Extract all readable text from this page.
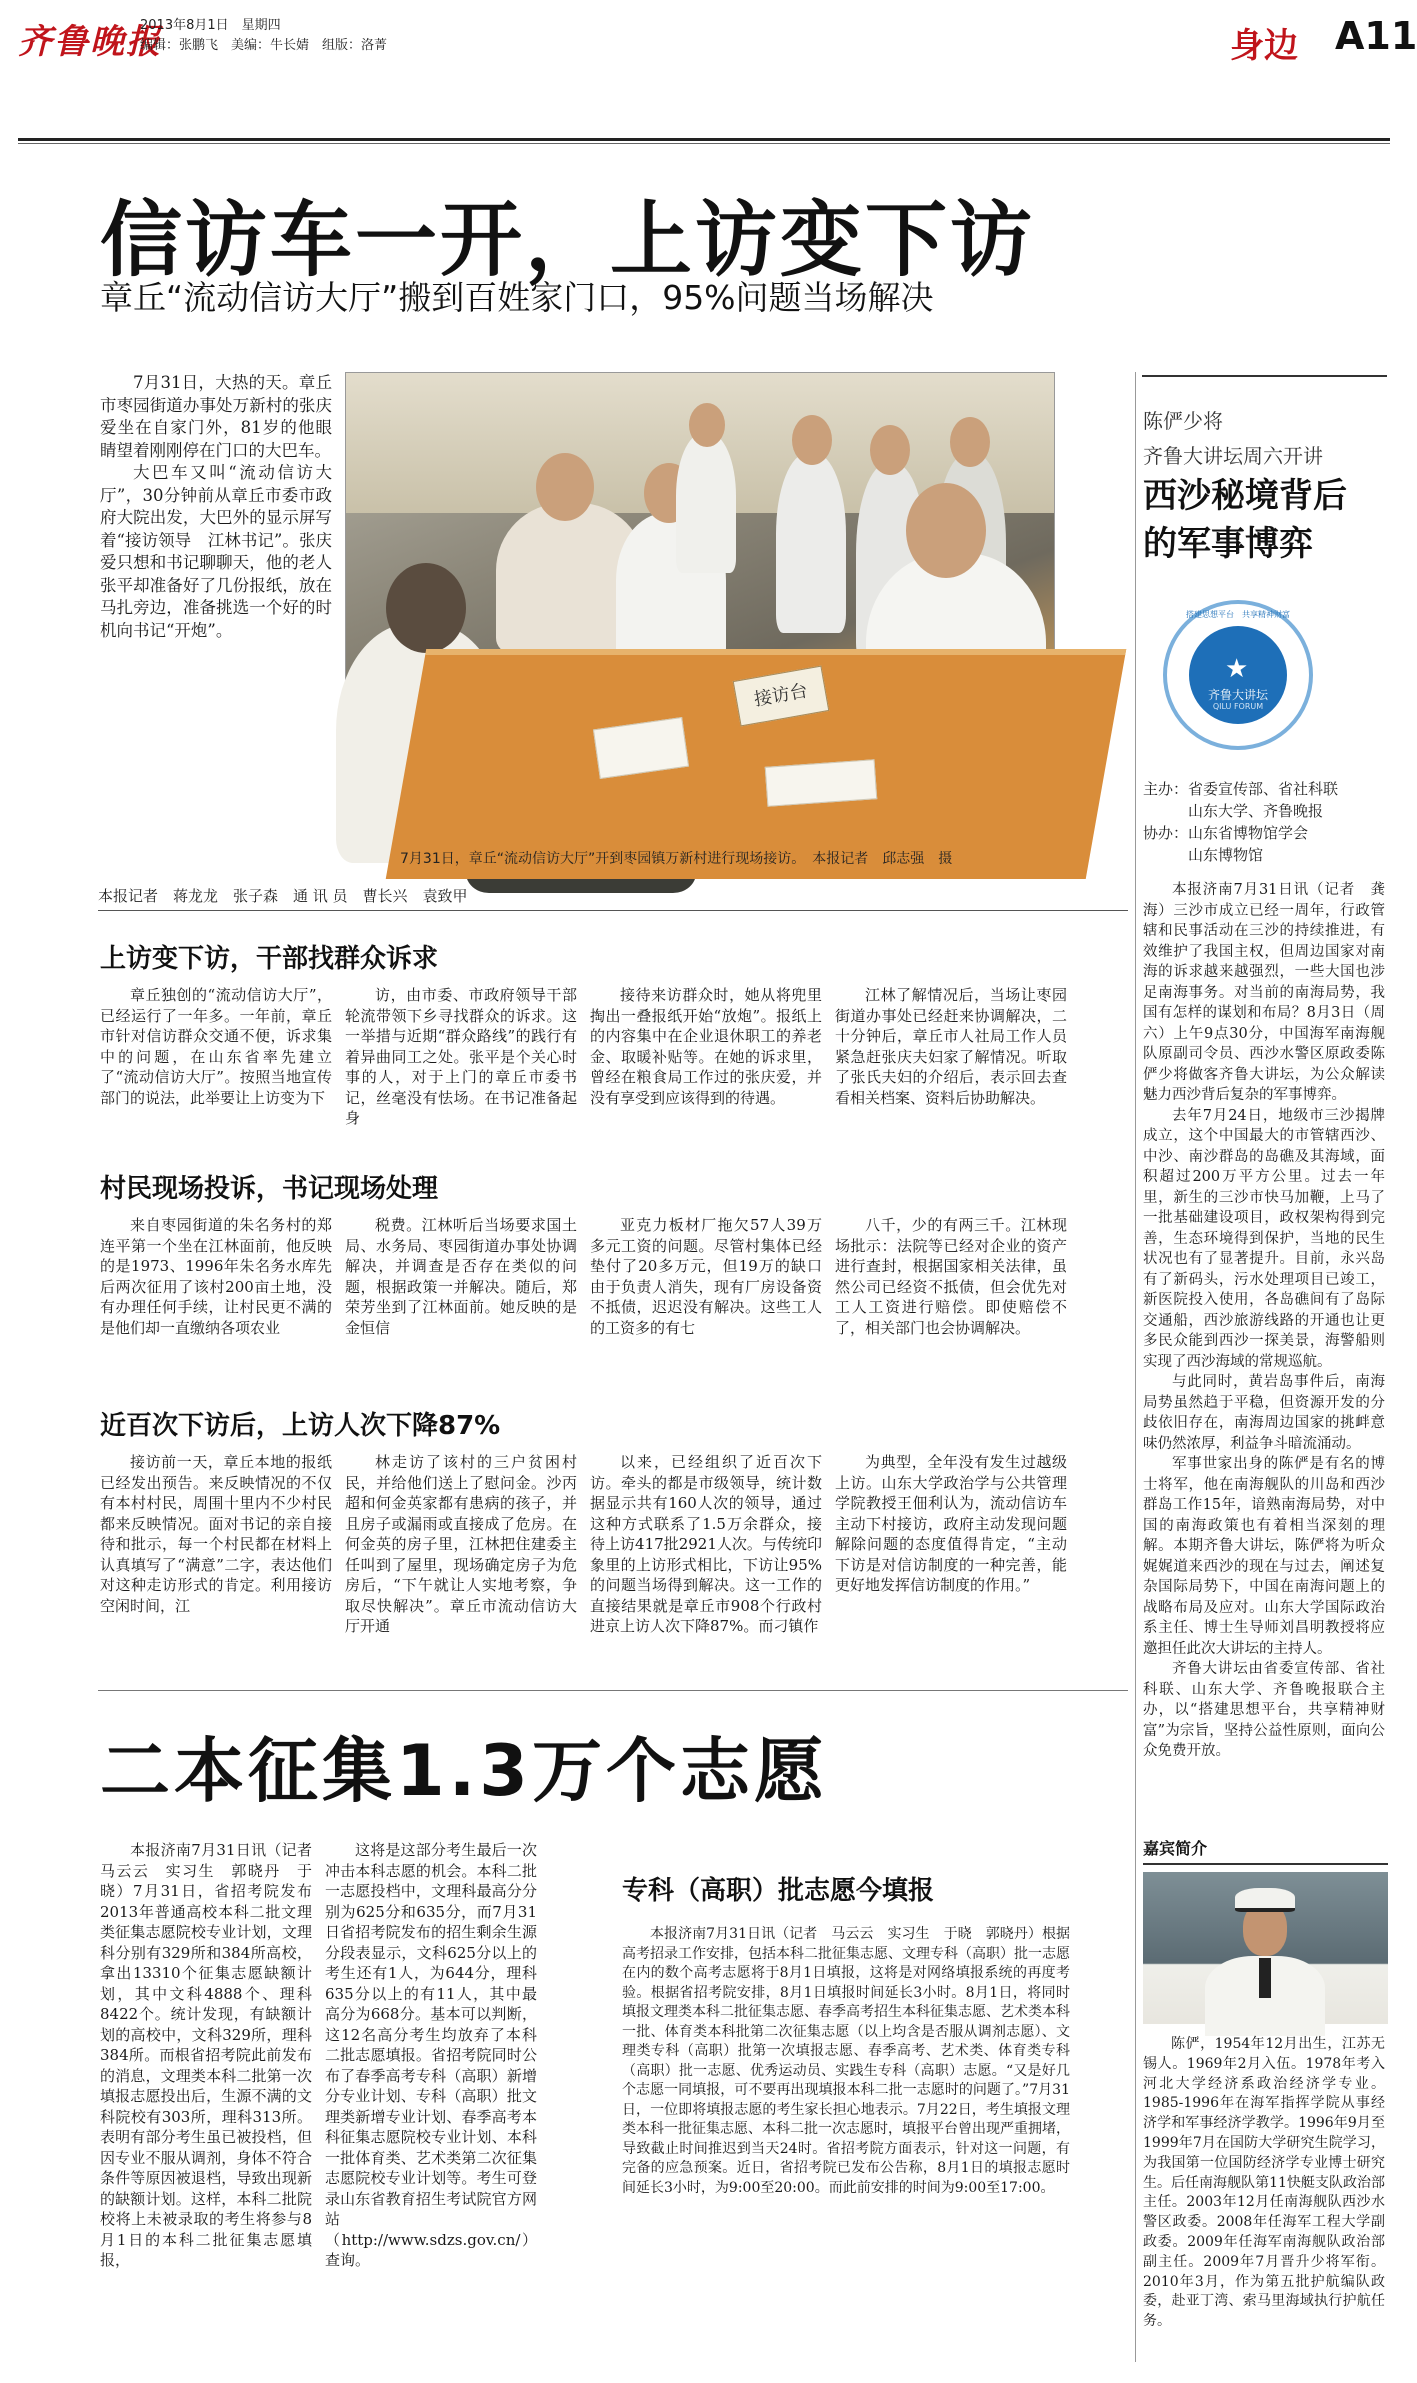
齐鲁晚报
2013年8月1日　星期四
编辑：张鹏飞　美编：牛长婧　组版：洛菁	身边 A11
信访车一开，上访变下访
章丘“流动信访大厅”搬到百姓家门口，95%问题当场解决

7月31日，大热的天。章丘市枣园街道办事处万新村的张庆爱坐在自家门外，81岁的他眼睛望着刚刚停在门口的大巴车。

大巴车又叫“流动信访大厅”，30分钟前从章丘市委市政府大院出发，大巴外的显示屏写着“接访领导　江林书记”。张庆爱只想和书记聊聊天，他的老人张平却准备好了几份报纸，放在马扎旁边，准备挑选一个好的时机向书记“开炮”。

接访台
7月31日，章丘“流动信访大厅”开到枣园镇万新村进行现场接访。　本报记者　邱志强　摄
本报记者　蒋龙龙　张子森　通 讯 员　曹长兴　袁致甲
上访变下访，干部找群众诉求

章丘独创的“流动信访大厅”，已经运行了一年多。一年前，章丘市针对信访群众交通不便，诉求集中的问题，在山东省率先建立了“流动信访大厅”。按照当地宣传部门的说法，此举要让上访变为下

访，由市委、市政府领导干部轮流带领下乡寻找群众的诉求。这一举措与近期“群众路线”的践行有着异曲同工之处。张平是个关心时事的人，对于上门的章丘市委书记，丝毫没有怯场。在书记准备起身

接待来访群众时，她从将兜里掏出一叠报纸开始“放炮”。报纸上的内容集中在企业退休职工的养老金、取暖补贴等。在她的诉求里，曾经在粮食局工作过的张庆爱，并没有享受到应该得到的待遇。

江林了解情况后，当场让枣园街道办事处已经赶来协调解决，二十分钟后，章丘市人社局工作人员紧急赶张庆夫妇家了解情况。听取了张氏夫妇的介绍后，表示回去查看相关档案、资料后协助解决。

村民现场投诉，书记现场处理

来自枣园街道的朱名务村的郑连平第一个坐在江林面前，他反映的是1973、1996年朱名务水库先后两次征用了该村200亩土地，没有办理任何手续，让村民更不满的是他们却一直缴纳各项农业

税费。江林听后当场要求国土局、水务局、枣园街道办事处协调解决，并调查是否存在类似的问题，根据政策一并解决。随后，郑荣芳坐到了江林面前。她反映的是金恒信

亚克力板材厂拖欠57人39万多元工资的问题。尽管村集体已经垫付了20多万元，但19万的缺口由于负责人消失，现有厂房设备资不抵债，迟迟没有解决。这些工人的工资多的有七

八千，少的有两三千。江林现场批示：法院等已经对企业的资产进行查封，根据国家相关法律，虽然公司已经资不抵债，但会优先对工人工资进行赔偿。即使赔偿不了，相关部门也会协调解决。

近百次下访后，上访人次下降87%

接访前一天，章丘本地的报纸已经发出预告。来反映情况的不仅有本村村民，周围十里内不少村民都来反映情况。面对书记的亲自接待和批示，每一个村民都在材料上认真填写了“满意”二字，表达他们对这种走访形式的肯定。利用接访空闲时间，江

林走访了该村的三户贫困村民，并给他们送上了慰问金。沙丙超和何金英家都有患病的孩子，并且房子或漏雨或直接成了危房。在何金英的房子里，江林把住建委主任叫到了屋里，现场确定房子为危房后，“下午就让人实地考察，争取尽快解决”。章丘市流动信访大厅开通

以来，已经组织了近百次下访。牵头的都是市级领导，统计数据显示共有160人次的领导，通过这种方式联系了1.5万余群众，接待上访417批2921人次。与传统印象里的上访形式相比，下访让95%的问题当场得到解决。这一工作的直接结果就是章丘市908个行政村进京上访人次下降87%。而刁镇作

为典型，全年没有发生过越级上访。山东大学政治学与公共管理学院教授王佃利认为，流动信访车主动下村接访，政府主动发现问题解除问题的态度值得肯定，“主动下访是对信访制度的一种完善，能更好地发挥信访制度的作用。”

二本征集1.3万个志愿

本报济南7月31日讯（记者　马云云　实习生　郭晓丹　于晓）7月31日，省招考院发布2013年普通高校本科二批文理类征集志愿院校专业计划，文理科分别有329所和384所高校，拿出13310个征集志愿缺额计划，其中文科4888个、理科8422个。统计发现，有缺额计划的高校中，文科329所，理科384所。而根省招考院此前发布的消息，文理类本科二批第一次填报志愿投出后，生源不满的文科院校有303所，理科313所。表明有部分考生虽已被投档，但因专业不服从调剂，身体不符合条件等原因被退档，导致出现新的缺额计划。这样，本科二批院校将上未被录取的考生将参与8月1日的本科二批征集志愿填报，

这将是这部分考生最后一次冲击本科志愿的机会。本科二批一志愿投档中，文理科最高分分别为625分和635分，而7月31日省招考院发布的招生剩余生源分段表显示，文科625分以上的考生还有1人，为644分，理科635分以上的有11人，其中最高分为668分。基本可以判断，这12名高分考生均放弃了本科二批志愿填报。省招考院同时公布了春季高考专科（高职）新增分专业计划、专科（高职）批文理类新增专业计划、春季高考本科征集志愿院校专业计划、本科一批体育类、艺术类第二次征集志愿院校专业计划等。考生可登录山东省教育招生考试院官方网站（http://www.sdzs.gov.cn/）查询。

专科（高职）批志愿今填报

本报济南7月31日讯（记者　马云云　实习生　于晓　郭晓丹）根据高考招录工作安排，包括本科二批征集志愿、文理专科（高职）批一志愿在内的数个高考志愿将于8月1日填报，这将是对网络填报系统的再度考验。根据省招考院安排，8月1日填报时间延长3小时。8月1日，将同时填报文理类本科二批征集志愿、春季高考招生本科征集志愿、艺术类本科一批、体育类本科批第二次征集志愿（以上均含是否服从调剂志愿）、文理类专科（高职）批第一次填报志愿、春季高考、艺术类、体育类专科（高职）批一志愿、优秀运动员、实践生专科（高职）志愿。“又是好几个志愿一同填报，可不要再出现填报本科二批一志愿时的问题了。”7月31日，一位即将填报志愿的考生家长担心地表示。7月22日，考生填报文理类本科一批征集志愿、本科二批一次志愿时，填报平台曾出现严重拥堵，导致截止时间推迟到当天24时。省招考院方面表示，针对这一问题，有完备的应急预案。近日，省招考院已发布公告称，8月1日的填报志愿时间延长3小时，为9:00至20:00。而此前安排的时间为9:00至17:00。

陈俨少将
齐鲁大讲坛周六开讲
西沙秘境背后
的军事博弈
搭建思想平台　共享精神财富
★
齐鲁大讲坛
QILU FORUM
主办：省委宣传部、省社科联
　　　山东大学、齐鲁晚报
协办：山东省博物馆学会
　　　山东博物馆

本报济南7月31日讯（记者　龚海）三沙市成立已经一周年，行政管辖和民事活动在三沙的持续推进，有效维护了我国主权，但周边国家对南海的诉求越来越强烈，一些大国也涉足南海事务。对当前的南海局势，我国有怎样的谋划和布局？8月3日（周六）上午9点30分，中国海军南海舰队原副司令员、西沙水警区原政委陈俨少将做客齐鲁大讲坛，为公众解读魅力西沙背后复杂的军事博弈。

去年7月24日，地级市三沙揭牌成立，这个中国最大的市管辖西沙、中沙、南沙群岛的岛礁及其海域，面积超过200万平方公里。过去一年里，新生的三沙市快马加鞭，上马了一批基础建设项目，政权架构得到完善，生态环境得到保护，当地的民生状况也有了显著提升。目前，永兴岛有了新码头，污水处理项目已竣工，新医院投入使用，各岛礁间有了岛际交通船，西沙旅游线路的开通也让更多民众能到西沙一探美景，海警船则实现了西沙海域的常规巡航。

与此同时，黄岩岛事件后，南海局势虽然趋于平稳，但资源开发的分歧依旧存在，南海周边国家的挑衅意味仍然浓厚，利益争斗暗流涌动。

军事世家出身的陈俨是有名的博士将军，他在南海舰队的川岛和西沙群岛工作15年，谙熟南海局势，对中国的南海政策也有着相当深刻的理解。本期齐鲁大讲坛，陈俨将为听众娓娓道来西沙的现在与过去，阐述复杂国际局势下，中国在南海问题上的战略布局及应对。山东大学国际政治系主任、博士生导师刘昌明教授将应邀担任此次大讲坛的主持人。

齐鲁大讲坛由省委宣传部、省社科联、山东大学、齐鲁晚报联合主办，以“搭建思想平台，共享精神财富”为宗旨，坚持公益性原则，面向公众免费开放。

嘉宾简介

陈俨，1954年12月出生，江苏无锡人。1969年2月入伍。1978年考入河北大学经济系政治经济学专业。1985-1996年在海军指挥学院从事经济学和军事经济学教学。1996年9月至1999年7月在国防大学研究生院学习，为我国第一位国防经济学专业博士研究生。后任南海舰队第11快艇支队政治部主任。2003年12月任南海舰队西沙水警区政委。2008年任海军工程大学副政委。2009年任海军南海舰队政治部副主任。2009年7月晋升少将军衔。2010年3月，作为第五批护航编队政委，赴亚丁湾、索马里海域执行护航任务。
